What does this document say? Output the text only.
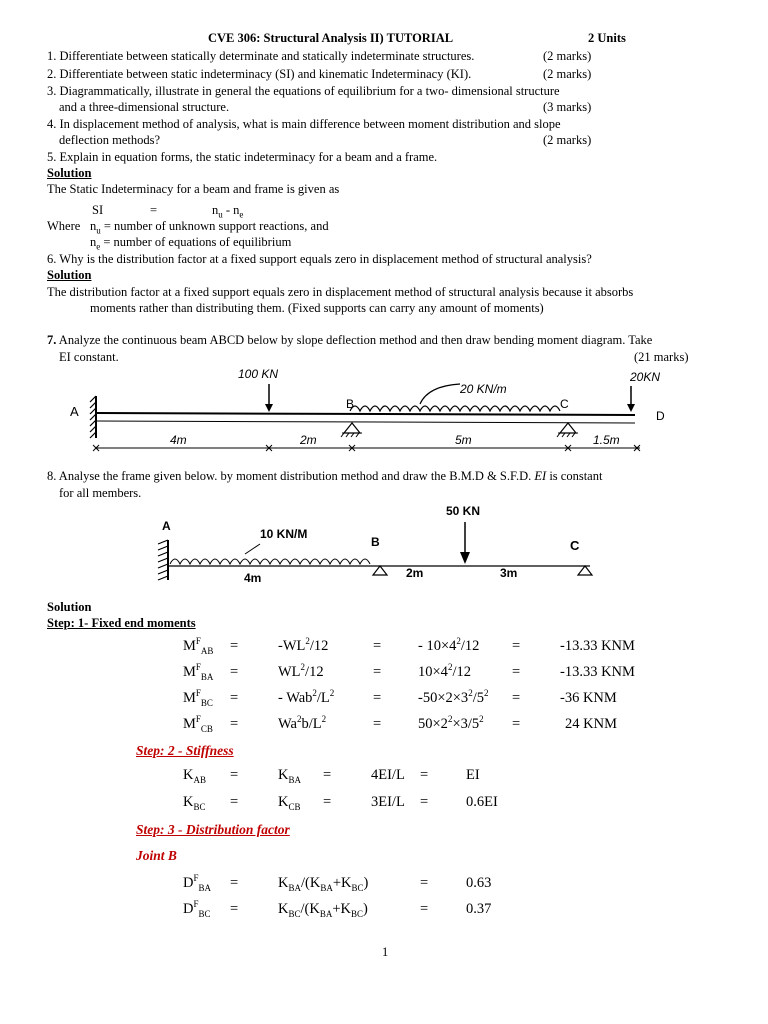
CVE 306: Structural Analysis II) TUTORIAL	2 Units
1. Differentiate between statically determinate and statically indeterminate structures.	(2 marks)
2. Differentiate between static indeterminacy (SI) and kinematic Indeterminacy (KI).	(2 marks)
3. Diagrammatically, illustrate in general the equations of equilibrium for a two- dimensional structure
and a three-dimensional structure.	(3 marks)
4. In displacement method of analysis, what is main difference between moment distribution and slope
deflection methods?	(2 marks)
5. Explain in equation forms, the static indeterminacy for a beam and a frame.
Solution
The Static Indeterminacy for a beam and frame is given as
SI	=	$n_u - n_e$
Where $n_u$ = number of unknown support reactions, and
$n_e$ = number of equations of equilibrium
6. Why is the distribution factor at a fixed support equals zero in displacement method of structural analysis?
Solution
The distribution factor at a fixed support equals zero in displacement method of structural analysis because it absorbs
moments rather than distributing them. (Fixed supports can carry any amount of moments)
7. Analyze the continuous beam ABCD below by slope deflection method and then draw bending moment diagram. Take
EI constant.	(21 marks)
A
100 KN
20 KN/m
B	C
20KN
D
4m	2m	5m	1.5m
8. Analyse the frame given below. by moment distribution method and draw the B.M.D & S.F.D. EI is constant
for all members.
A
10 KN/M
B
50 KN
C
4m	2m	3m
Solution
Step: 1- Fixed end moments
$M^F_{AB}$ =	$-WL^2/12$	=	- $10\times 4^2/12$ =	-13.33 KNM
$M^F_{BA}$ =	$WL^2/12$	=	$10\times 4^2/12$	=	-13.33 KNM
$M^F_{BC}$ =	- $Wab^2/L^2$	=	$-50\times 2\times 3^2/5^2$ =	-36 KNM
$M^F_{CB}$ =	$Wa^2b/L^2$	=	$50\times 2^2\times 3/5^2$ =	24 KNM
Step: 2 - Stiffness
$K_{AB}$ =	$K_{BA}$ =	4EI/L =	EI
$K_{BC}$ =	$K_{CB}$ =	3EI/L =	0.6EI
Step: 3 - Distribution factor
Joint B
$D^F_{BA}$ =	$K_{BA}/(K_{BA}+K_{BC})$	=	0.63
$D^F_{BC}$ =	$K_{BC}/(K_{BA}+K_{BC})$	=	0.37
1
